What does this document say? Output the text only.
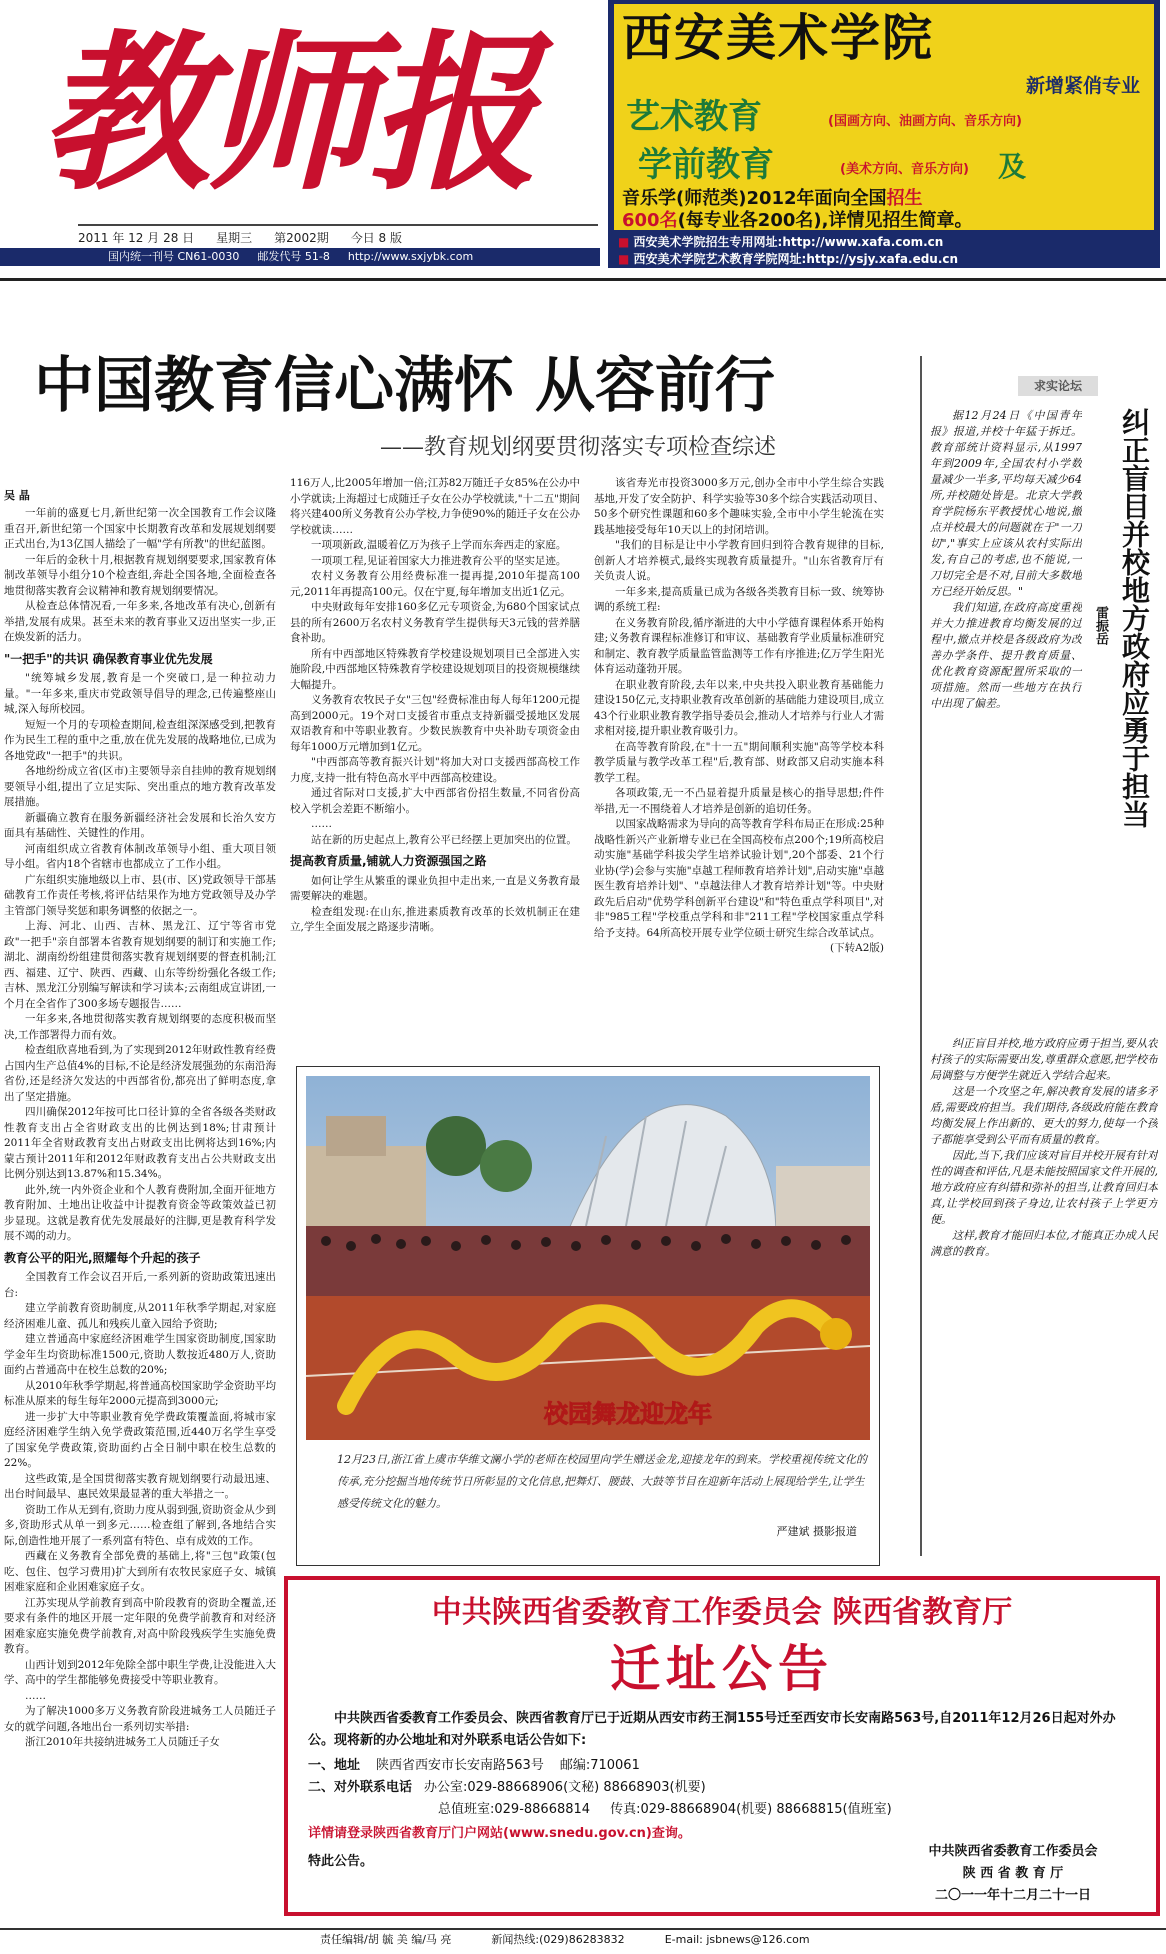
教师报
2011 年 12 月 28 日 星期三 第2002期 今日 8 版
国内统一刊号 CN61-0030 邮发代号 51-8 http://www.sxjybk.com
西安美术学院
新增紧俏专业
艺术教育	(国画方向、油画方向、音乐方向)
学前教育	(美术方向、音乐方向)	及
音乐学(师范类)2012年面向全国招生
600名(每专业各200名),详情见招生简章。
■ 西安美术学院招生专用网址:http://www.xafa.com.cn
■ 西安美术学院艺术教育学院网址:http://ysjy.xafa.edu.cn
中国教育信心满怀 从容前行
——教育规划纲要贯彻落实专项检查综述
吴 晶

一年前的盛夏七月,新世纪第一次全国教育工作会议隆重召开,新世纪第一个国家中长期教育改革和发展规划纲要正式出台,为13亿国人描绘了一幅"学有所教"的世纪蓝图。

一年后的金秋十月,根据教育规划纲要要求,国家教育体制改革领导小组分10个检查组,奔赴全国各地,全面检查各地贯彻落实教育会议精神和教育规划纲要情况。

从检查总体情况看,一年多来,各地改革有决心,创新有举措,发展有成果。甚至未来的教育事业又迈出坚实一步,正在焕发新的活力。

"一把手"的共识 确保教育事业优先发展

"统筹城乡发展,教育是一个突破口,是一种拉动力量。"一年多来,重庆市党政领导倡导的理念,已传遍整座山城,深入每所校园。

短短一个月的专项检查期间,检查组深深感受到,把教育作为民生工程的重中之重,放在优先发展的战略地位,已成为各地党政"一把手"的共识。

各地纷纷成立省(区市)主要领导亲自挂帅的教育规划纲要领导小组,提出了立足实际、突出重点的地方教育改革发展措施。

新疆确立教育在服务新疆经济社会发展和长治久安方面具有基础性、关键性的作用。

河南组织成立省教育体制改革领导小组、重大项目领导小组。省内18个省辖市也都成立了工作小组。

广东组织实施地级以上市、县(市、区)党政领导干部基础教育工作责任考核,将评估结果作为地方党政领导及办学主管部门领导奖惩和职务调整的依据之一。

上海、河北、山西、吉林、黑龙江、辽宁等省市党政"一把手"亲自部署本省教育规划纲要的制订和实施工作;湖北、湖南纷纷组建贯彻落实教育规划纲要的督查机制;江西、福建、辽宁、陕西、西藏、山东等纷纷强化各级工作;吉林、黑龙江分别编写解读和学习读本;云南组成宣讲团,一个月在全省作了300多场专题报告……

一年多来,各地贯彻落实教育规划纲要的态度积极而坚决,工作部署得力而有效。

检查组欣喜地看到,为了实现到2012年财政性教育经费占国内生产总值4%的目标,不论是经济发展强劲的东南沿海省份,还是经济欠发达的中西部省份,都亮出了鲜明态度,拿出了坚定措施。

四川确保2012年按可比口径计算的全省各级各类财政性教育支出占全省财政支出的比例达到18%;甘肃预计2011年全省财政教育支出占财政支出比例将达到16%;内蒙古预计2011年和2012年财政教育支出占公共财政支出比例分别达到13.87%和15.34%。

此外,统一内外资企业和个人教育费附加,全面开征地方教育附加、土地出让收益中计提教育资金等政策效益已初步显现。这就是教育优先发展最好的注脚,更是教育科学发展不竭的动力。

教育公平的阳光,照耀每个升起的孩子

全国教育工作会议召开后,一系列新的资助政策迅速出台:

建立学前教育资助制度,从2011年秋季学期起,对家庭经济困难儿童、孤儿和残疾儿童入园给予资助;

建立普通高中家庭经济困难学生国家资助制度,国家助学金年生均资助标准1500元,资助人数按近480万人,资助面约占普通高中在校生总数的20%;

从2010年秋季学期起,将普通高校国家助学金资助平均标准从原来的每生每年2000元提高到3000元;

进一步扩大中等职业教育免学费政策覆盖面,将城市家庭经济困难学生纳入免学费政策范围,近440万名学生享受了国家免学费政策,资助面约占全日制中职在校生总数的22%。

这些政策,是全国贯彻落实教育规划纲要行动最迅速、出台时间最早、惠民效果最显著的重大举措之一。

资助工作从无到有,资助力度从弱到强,资助资金从少到多,资助形式从单一到多元……检查组了解到,各地结合实际,创造性地开展了一系列富有特色、卓有成效的工作。

西藏在义务教育全部免费的基础上,将"三包"政策(包吃、包住、包学习费用)扩大到所有农牧民家庭子女、城镇困难家庭和企业困难家庭子女。

江苏实现从学前教育到高中阶段教育的资助全覆盖,还要求有条件的地区开展一定年限的免费学前教育和对经济困难家庭实施免费学前教育,对高中阶段残疾学生实施免费教育。

山西计划到2012年免除全部中职生学费,让没能进入大学、高中的学生都能够免费接受中等职业教育。

……

为了解决1000多万义务教育阶段进城务工人员随迁子女的就学问题,各地出台一系列切实举措:

浙江2010年共接纳进城务工人员随迁子女

116万人,比2005年增加一倍;江苏82万随迁子女85%在公办中小学就读;上海超过七成随迁子女在公办学校就读,"十二五"期间将兴建400所义务教育公办学校,力争使90%的随迁子女在公办学校就读……

一项项新政,温暖着亿万为孩子上学而东奔西走的家庭。

一项项工程,见证着国家大力推进教育公平的坚实足迹。

农村义务教育公用经费标准一提再提,2010年提高100元,2011年再提高100元。仅在宁夏,每年增加支出近1亿元。

中央财政每年安排160多亿元专项资金,为680个国家试点县的所有2600万名农村义务教育学生提供每天3元钱的营养膳食补助。

所有中西部地区特殊教育学校建设规划项目已全部进入实施阶段,中西部地区特殊教育学校建设规划项目的投资规模继续大幅提升。

义务教育农牧民子女"三包"经费标准由每人每年1200元提高到2000元。19个对口支援省市重点支持新疆受援地区发展双语教育和中等职业教育。少数民族教育中央补助专项资金由每年1000万元增加到1亿元。

"中西部高等教育振兴计划"将加大对口支援西部高校工作力度,支持一批有特色高水平中西部高校建设。

通过省际对口支援,扩大中西部省份招生数量,不同省份高校入学机会差距不断缩小。

……

站在新的历史起点上,教育公平已经摆上更加突出的位置。

提高教育质量,铺就人力资源强国之路

如何让学生从繁重的课业负担中走出来,一直是义务教育最需要解决的难题。

检查组发现:在山东,推进素质教育改革的长效机制正在建立,学生全面发展之路逐步清晰。

该省寿光市投资3000多万元,创办全市中小学生综合实践基地,开发了安全防护、科学实验等30多个综合实践活动项目、50多个研究性课题和60多个趣味实验,全市中小学生轮流在实践基地接受每年10天以上的封闭培训。

"我们的目标是让中小学教育回归到符合教育规律的目标,创新人才培养模式,最终实现教育质量提升。"山东省教育厅有关负责人说。

一年多来,提高质量已成为各级各类教育目标一致、统筹协调的系统工程:

在义务教育阶段,循序渐进的大中小学德育课程体系开始构建;义务教育课程标准修订和审议、基础教育学业质量标准研究和制定、教育教学质量监管监测等工作有序推进;亿万学生阳光体育运动蓬勃开展。

在职业教育阶段,去年以来,中央共投入职业教育基础能力建设150亿元,支持职业教育改革创新的基础能力建设项目,成立43个行业职业教育教学指导委员会,推动人才培养与行业人才需求相对接,提升职业教育吸引力。

在高等教育阶段,在"十一五"期间顺利实施"高等学校本科教学质量与教学改革工程"后,教育部、财政部又启动实施本科教学工程。

各项政策,无一不凸显着提升质量是核心的指导思想;件件举措,无一不围绕着人才培养是创新的追切任务。

以国家战略需求为导向的高等教育学科布局正在形成:25种战略性新兴产业新增专业已在全国高校布点200个;19所高校启动实施"基础学科拔尖学生培养试验计划",20个部委、21个行业协(学)会参与实施"卓越工程师教育培养计划",启动实施"卓越医生教育培养计划"、"卓越法律人才教育培养计划"等。中央财政先后启动"优势学科创新平台建设"和"特色重点学科项目",对非"985工程"学校重点学科和非"211工程"学校国家重点学科给予支持。64所高校开展专业学位硕士研究生综合改革试点。

(下转A2版)
校园舞龙迎龙年
12月23日,浙江省上虞市华维文澜小学的老师在校园里向学生赠送金龙,迎接龙年的到来。学校重视传统文化的传承,充分挖掘当地传统节日所彰显的文化信息,把舞灯、腰鼓、大鼓等节目在迎新年活动上展现给学生,让学生感受传统文化的魅力。
严建斌 摄影报道
求实论坛
纠正盲目并校地方政府应勇于担当
雷振岳

据12月24日《中国青年报》报道,并校十年猛于拆迁。教育部统计资料显示,从1997年到2009年,全国农村小学数量减少一半多,平均每天减少64所,并校随处皆是。北京大学教育学院杨东平教授忧心地说,撤点并校最大的问题就在于"一刀切","事实上应该从农村实际出发,有自己的考虑,也不能说,一刀切完全是不对,目前大多数地方已经开始反思。"

我们知道,在政府高度重视并大力推进教育均衡发展的过程中,撤点并校是各级政府为改善办学条件、提升教育质量、优化教育资源配置所采取的一项措施。然而一些地方在执行中出现了偏差。

纠正盲目并校,地方政府应勇于担当,要从农村孩子的实际需要出发,尊重群众意愿,把学校布局调整与方便学生就近入学结合起来。

这是一个攻坚之年,解决教育发展的诸多矛盾,需要政府担当。我们期待,各级政府能在教育均衡发展上作出新的、更大的努力,使每一个孩子都能享受到公平而有质量的教育。

因此,当下,我们应该对盲目并校开展有针对性的调查和评估,凡是未能按照国家文件开展的,地方政府应有纠错和弥补的担当,让教育回归本真,让学校回到孩子身边,让农村孩子上学更方便。

这样,教育才能回归本位,才能真正办成人民满意的教育。

中共陕西省委教育工作委员会 陕西省教育厅
迁址公告
中共陕西省委教育工作委员会、陕西省教育厅已于近期从西安市药王洞155号迁至西安市长安南路563号,自2011年12月26日起对外办公。现将新的办公地址和对外联系电话公告如下:
一、地址 陕西省西安市长安南路563号 邮编:710061
二、对外联系电话 办公室:029-88668906(文秘) 88668903(机要)
总值班室:029-88668814 传真:029-88668904(机要) 88668815(值班室)
详情请登录陕西省教育厅门户网站(www.snedu.gov.cn)查询。
特此公告。
中共陕西省委教育工作委员会
陕 西 省 教 育 厅
二〇一一年十二月二十一日
责任编辑/胡 毓 美 编/马 亮	新闻热线:(029)86283832	E-mail: jsbnews@126.com
